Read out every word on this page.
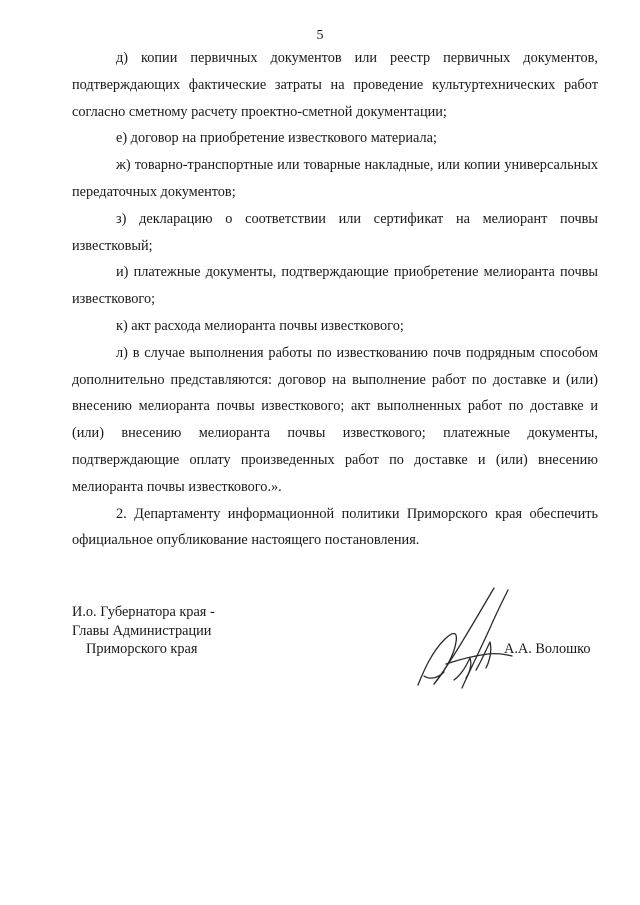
5

д) копии первичных документов или реестр первичных документов, подтверждающих фактические затраты на проведение культуртехнических работ согласно сметному расчету проектно-сметной документации;

е) договор на приобретение известкового материала;

ж) товарно-транспортные или товарные накладные, или копии универсальных передаточных документов;

з) декларацию о соответствии или сертификат на мелиорант почвы известковый;

и) платежные документы, подтверждающие приобретение мелиоранта почвы известкового;

к) акт расхода мелиоранта почвы известкового;

л) в случае выполнения работы по известкованию почв подрядным способом дополнительно представляются: договор на выполнение работ по доставке и (или) внесению мелиоранта почвы известкового; акт выполненных работ по доставке и (или) внесению мелиоранта почвы известкового; платежные документы, подтверждающие оплату произведенных работ по доставке и (или) внесению мелиоранта почвы известкового.».

2. Департаменту информационной политики Приморского края обеспечить официальное опубликование настоящего постановления.

И.о. Губернатора края -
Главы Администрации
Приморского края	А.А. Волошко
